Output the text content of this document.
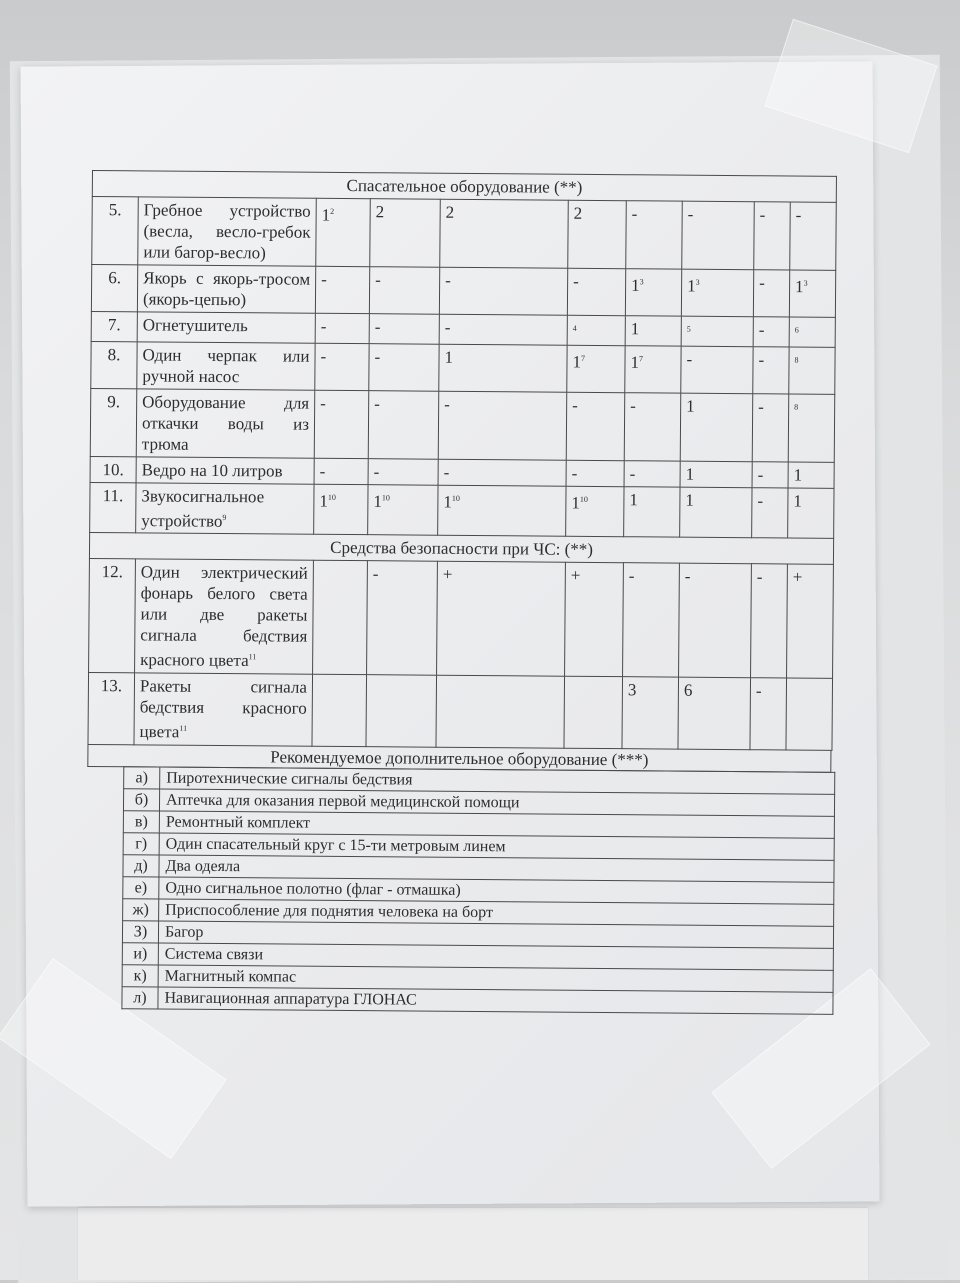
Спасательное оборудование (**)									
5.	Гребное устройство (весла, весло-гребок или багор-весло)	$1^2$	2	2	2	-	-	-	-
6.	Якорь с якорь-тросом (якорь-цепью)	-	-	-	-	$1^3$	$1^3$	-	$1^3$
7.	Огнетушитель	-	-	-	$^4$	1	$^5$	-	$^6$
8.	Один черпак или ручной насос	-	-	1	$1^7$	$1^7$	-	-	$^8$
9.	Оборудование для откачки воды из трюма	-	-	-	-	-	1	-	$^8$
10.	Ведро на 10 литров	-	-	-	-	-	1	-	1
11.	Звукосигнальное устройство$^9$	$1^{10}$	$1^{10}$	$1^{10}$	$1^{10}$	1	1	-	1
Средства безопасности при ЧС: (**)									
12.	Один электрический фонарь белого света или две ракеты сигнала бедствия красного цвета$^{11}$		-	+	+	-	-	-	+
13.	Ракеты сигнала бедствия красного цвета$^{11}$					3	6	-	
Рекомендуемое дополнительное оборудование (***)
а)	Пиротехнические сигналы бедствия
б)	Аптечка для оказания первой медицинской помощи
в)	Ремонтный комплект
г)	Один спасательный круг с 15-ти метровым линем
д)	Два одеяла
е)	Одно сигнальное полотно (флаг - отмашка)
ж)	Приспособление для поднятия человека на борт
З)	Багор
и)	Система связи
к)	Магнитный компас
л)	Навигационная аппаратура ГЛОНАС
